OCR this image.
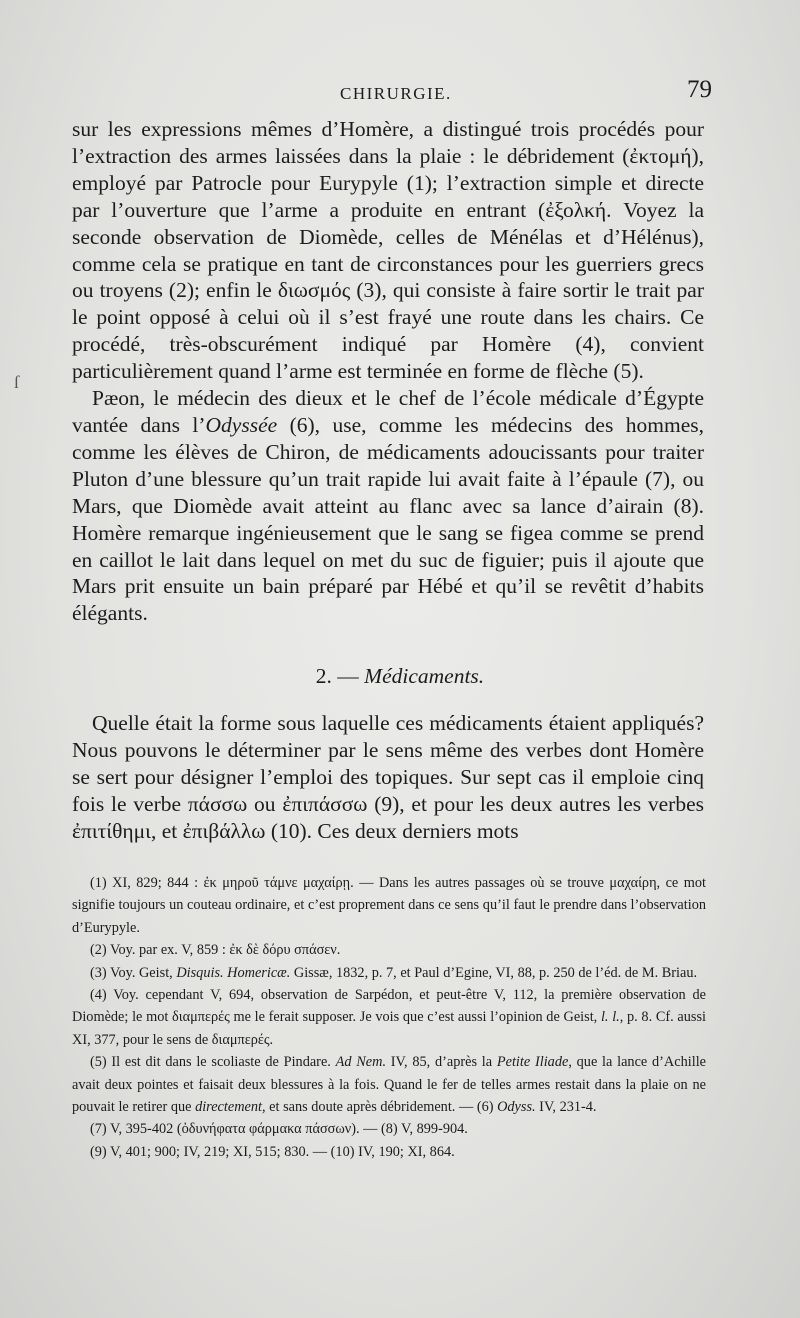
ſ
CHIRURGIE.	79

sur les expressions mêmes d’Homère, a distingué trois procédés pour l’extraction des armes laissées dans la plaie : le débridement (ἐκτομή), employé par Patrocle pour Eurypyle (1); l’extraction simple et directe par l’ouverture que l’arme a produite en entrant (ἐξολκή. Voyez la seconde observation de Diomède, celles de Ménélas et d’Hélénus), comme cela se pratique en tant de circonstances pour les guerriers grecs ou troyens (2); enfin le διωσμός (3), qui consiste à faire sortir le trait par le point opposé à celui où il s’est frayé une route dans les chairs. Ce procédé, très-obscurément indiqué par Homère (4), convient particulièrement quand l’arme est terminée en forme de flèche (5).

Pæon, le médecin des dieux et le chef de l’école médicale d’Égypte vantée dans l’Odyssée (6), use, comme les médecins des hommes, comme les élèves de Chiron, de médicaments adoucissants pour traiter Pluton d’une blessure qu’un trait rapide lui avait faite à l’épaule (7), ou Mars, que Diomède avait atteint au flanc avec sa lance d’airain (8). Homère remarque ingénieusement que le sang se figea comme se prend en caillot le lait dans lequel on met du suc de figuier; puis il ajoute que Mars prit ensuite un bain préparé par Hébé et qu’il se revêtit d’habits élégants.

2. — Médicaments.
Quelle était la forme sous laquelle ces médicaments étaient appliqués? Nous pouvons le déterminer par le sens même des verbes dont Homère se sert pour désigner l’emploi des topiques. Sur sept cas il emploie cinq fois le verbe πάσσω ou ἐπιπάσσω (9), et pour les deux autres les verbes ἐπιτίθημι, et ἐπιβάλλω (10). Ces deux derniers mots

(1) XI, 829; 844 : ἐκ μηροῦ τάμνε μαχαίρῃ. — Dans les autres passages où se trouve μαχαίρη, ce mot signifie toujours un couteau ordinaire, et c’est proprement dans ce sens qu’il faut le prendre dans l’observation d’Eurypyle.

(2) Voy. par ex. V, 859 : ἐκ δὲ δόρυ σπάσεν.

(3) Voy. Geist, Disquis. Homericæ. Gissæ, 1832, p. 7, et Paul d’Egine, VI, 88, p. 250 de l’éd. de M. Briau.

(4) Voy. cependant V, 694, observation de Sarpédon, et peut-être V, 112, la première observation de Diomède; le mot διαμπερές me le ferait supposer. Je vois que c’est aussi l’opinion de Geist, l. l., p. 8. Cf. aussi XI, 377, pour le sens de διαμπερές.

(5) Il est dit dans le scoliaste de Pindare. Ad Nem. IV, 85, d’après la Petite Iliade, que la lance d’Achille avait deux pointes et faisait deux blessures à la fois. Quand le fer de telles armes restait dans la plaie on ne pouvait le retirer que directement, et sans doute après débridement. — (6) Odyss. IV, 231-4.

(7) V, 395-402 (ὀδυνήφατα φάρμακα πάσσων). — (8) V, 899-904.

(9) V, 401; 900; IV, 219; XI, 515; 830. — (10) IV, 190; XI, 864.
